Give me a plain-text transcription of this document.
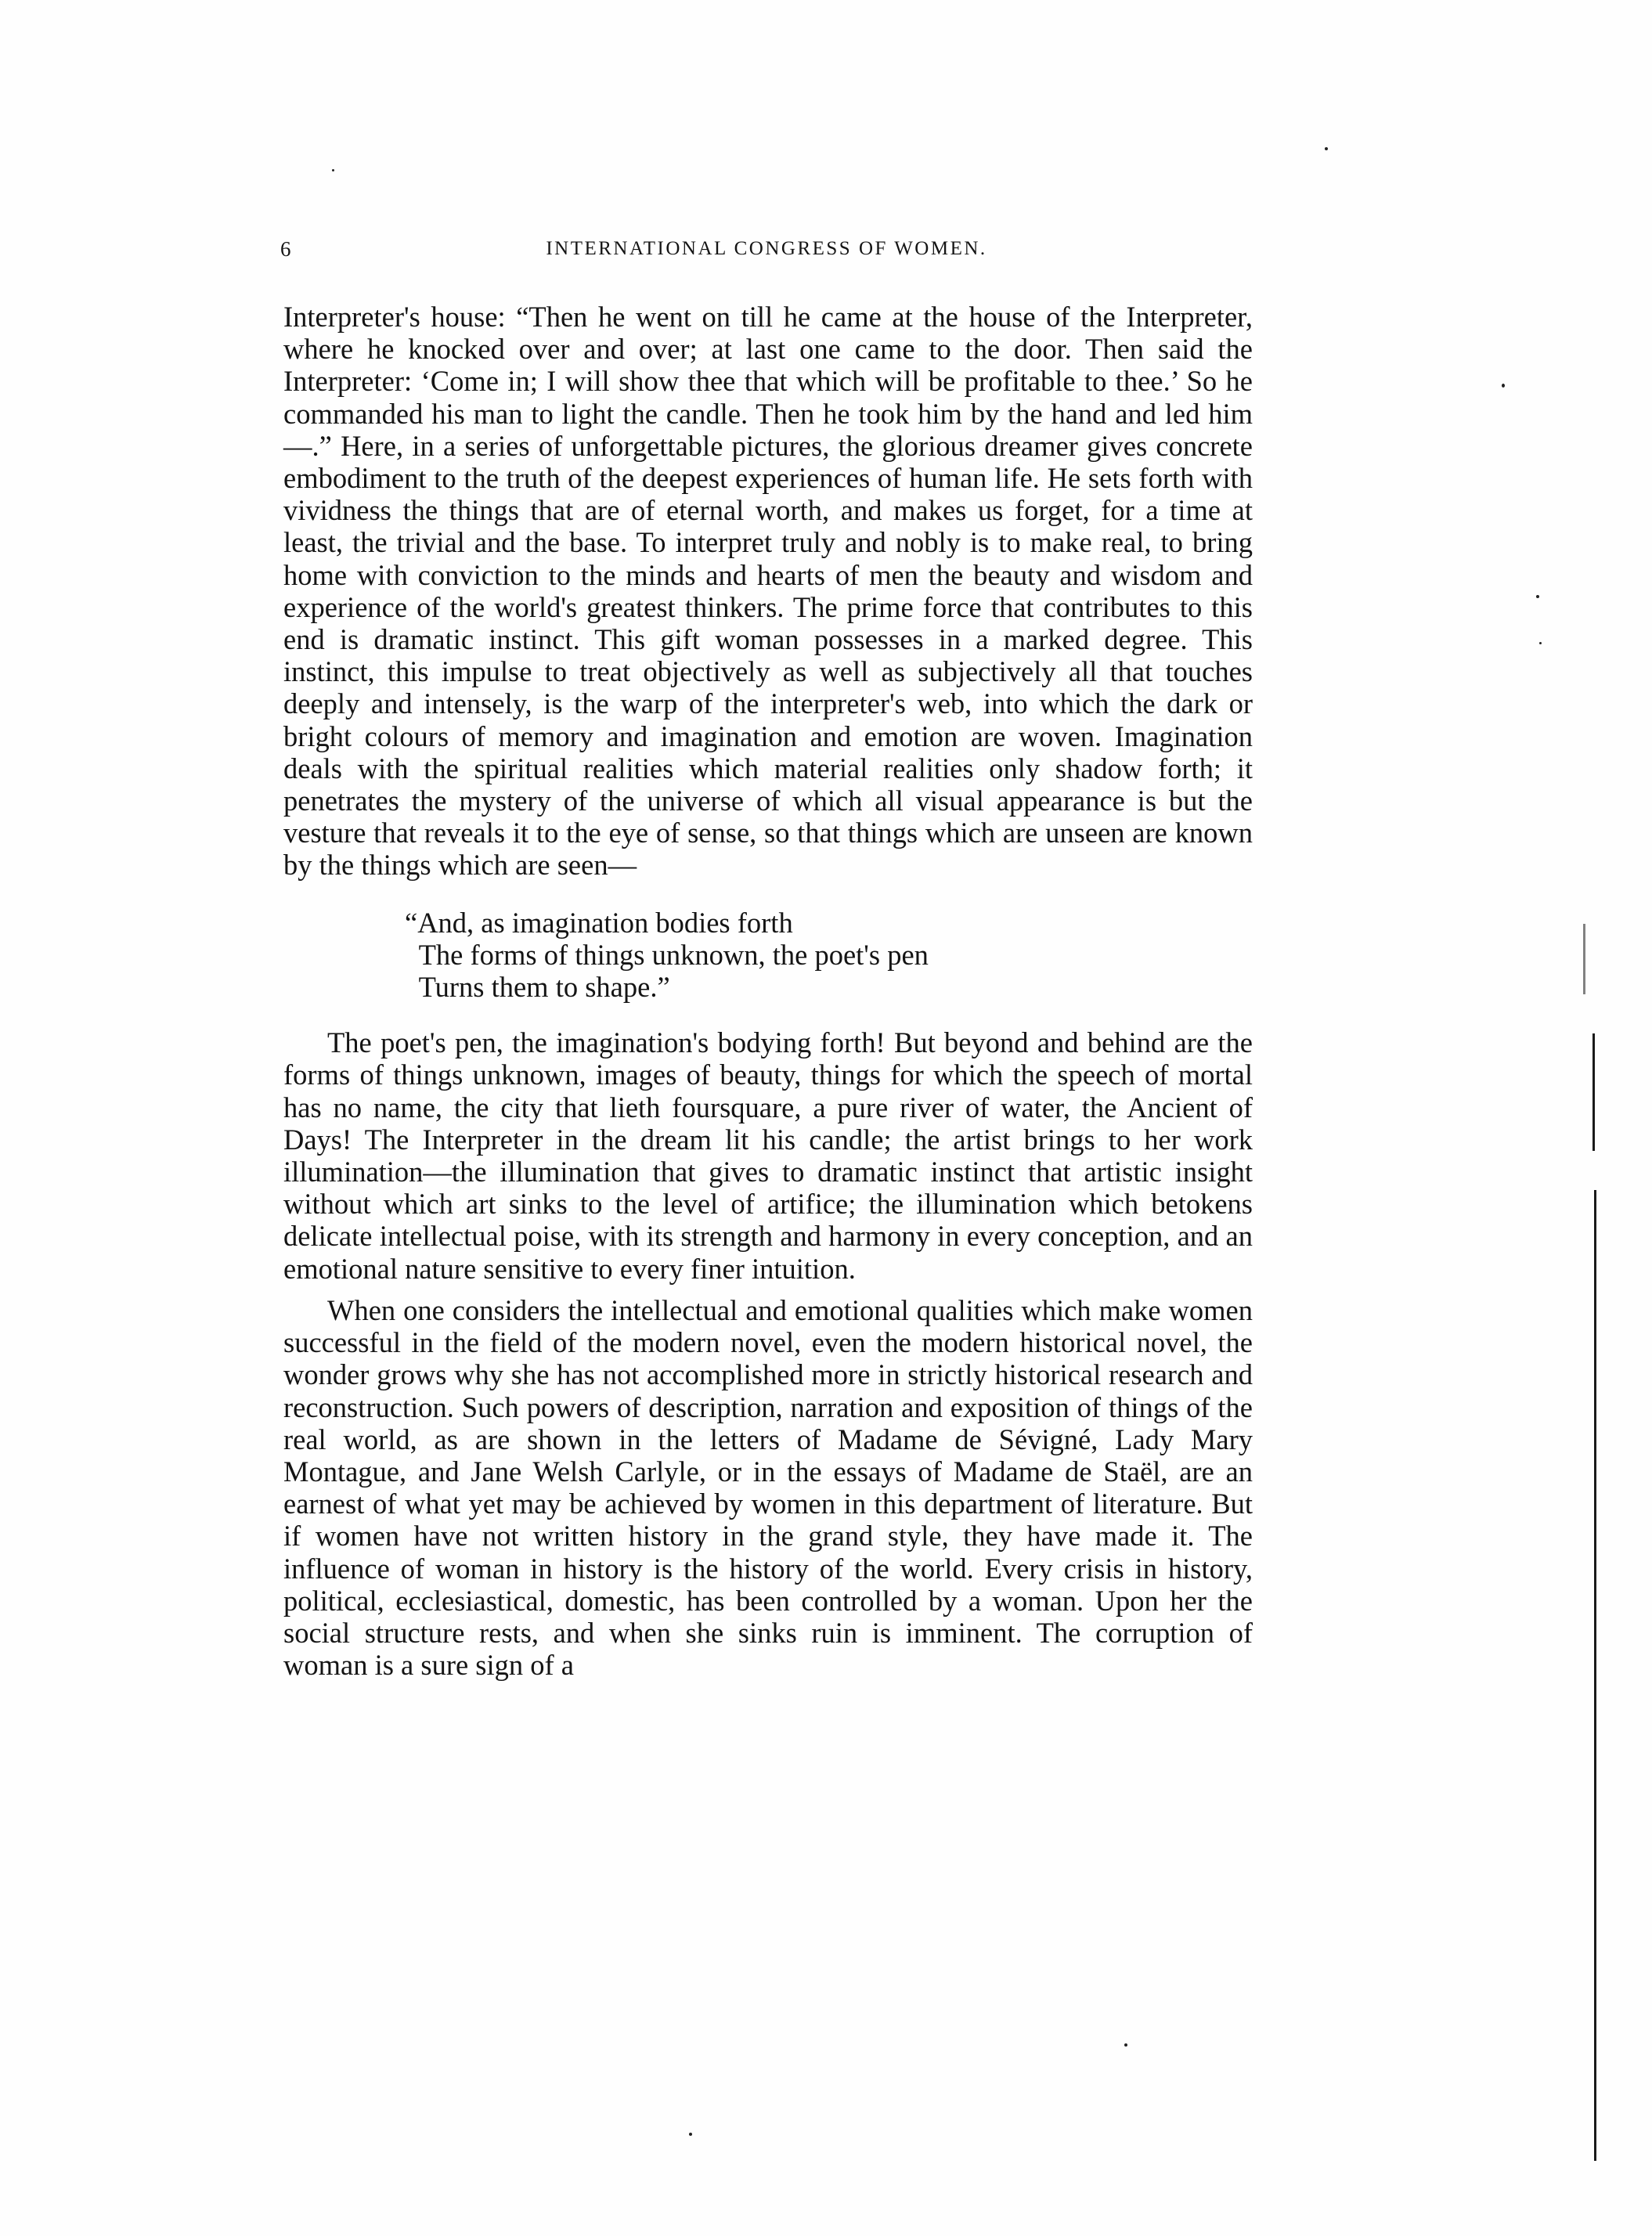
6	INTERNATIONAL CONGRESS OF WOMEN.

Interpreter's house: “Then he went on till he came at the house of the Interpreter, where he knocked over and over; at last one came to the door. Then said the Interpreter: ‘Come in; I will show thee that which will be profitable to thee.’ So he commanded his man to light the candle. Then he took him by the hand and led him—.” Here, in a series of unforgettable pictures, the glorious dreamer gives concrete embodiment to the truth of the deepest experiences of human life. He sets forth with vividness the things that are of eternal worth, and makes us forget, for a time at least, the trivial and the base. To interpret truly and nobly is to make real, to bring home with conviction to the minds and hearts of men the beauty and wisdom and experience of the world's greatest thinkers. The prime force that contributes to this end is dramatic instinct. This gift woman possesses in a marked degree. This instinct, this impulse to treat objectively as well as subjectively all that touches deeply and intensely, is the warp of the interpreter's web, into which the dark or bright colours of memory and imagination and emotion are woven. Imagination deals with the spiritual realities which material realities only shadow forth; it penetrates the mystery of the universe of which all visual appearance is but the vesture that reveals it to the eye of sense, so that things which are unseen are known by the things which are seen—

“And, as imagination bodies forth
The forms of things unknown, the poet's pen
Turns them to shape.”

The poet's pen, the imagination's bodying forth! But beyond and behind are the forms of things unknown, images of beauty, things for which the speech of mortal has no name, the city that lieth foursquare, a pure river of water, the Ancient of Days! The Interpreter in the dream lit his candle; the artist brings to her work illumination—the illumination that gives to dramatic instinct that artistic insight without which art sinks to the level of artifice; the illumination which betokens delicate intellectual poise, with its strength and harmony in every conception, and an emotional nature sensitive to every finer intuition.

When one considers the intellectual and emotional qualities which make women successful in the field of the modern novel, even the modern historical novel, the wonder grows why she has not accomplished more in strictly historical research and reconstruction. Such powers of description, narration and exposition of things of the real world, as are shown in the letters of Madame de Sévigné, Lady Mary Montague, and Jane Welsh Carlyle, or in the essays of Madame de Staël, are an earnest of what yet may be achieved by women in this department of literature. But if women have not written history in the grand style, they have made it. The influence of woman in history is the history of the world. Every crisis in history, political, ecclesiastical, domestic, has been controlled by a woman. Upon her the social structure rests, and when she sinks ruin is imminent. The corruption of woman is a sure sign of a
